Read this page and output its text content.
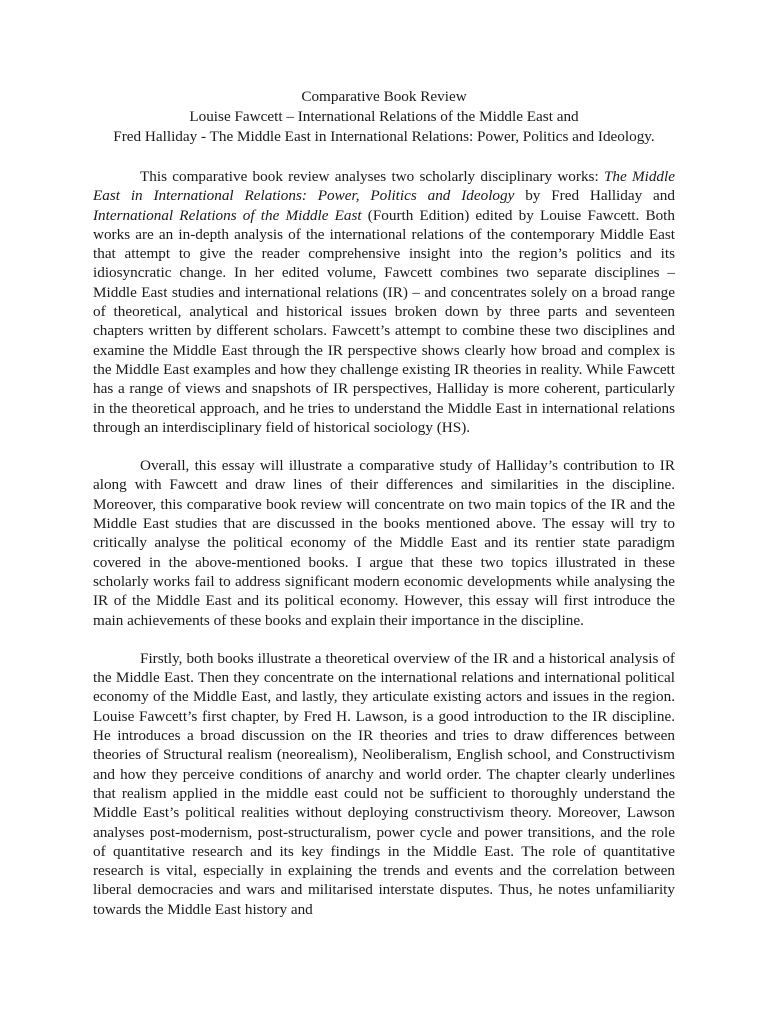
Comparative Book Review
Louise Fawcett – International Relations of the Middle East and
Fred Halliday - The Middle East in International Relations: Power, Politics and Ideology.

This comparative book review analyses two scholarly disciplinary works: The Middle East in International Relations: Power, Politics and Ideology by Fred Halliday and International Relations of the Middle East (Fourth Edition) edited by Louise Fawcett. Both works are an in-depth analysis of the international relations of the contemporary Middle East that attempt to give the reader comprehensive insight into the region’s politics and its idiosyncratic change. In her edited volume, Fawcett combines two separate disciplines – Middle East studies and international relations (IR) – and concentrates solely on a broad range of theoretical, analytical and historical issues broken down by three parts and seventeen chapters written by different scholars. Fawcett’s attempt to combine these two disciplines and examine the Middle East through the IR perspective shows clearly how broad and complex is the Middle East examples and how they challenge existing IR theories in reality. While Fawcett has a range of views and snapshots of IR perspectives, Halliday is more coherent, particularly in the theoretical approach, and he tries to understand the Middle East in international relations through an interdisciplinary field of historical sociology (HS).

Overall, this essay will illustrate a comparative study of Halliday’s contribution to IR along with Fawcett and draw lines of their differences and similarities in the discipline. Moreover, this comparative book review will concentrate on two main topics of the IR and the Middle East studies that are discussed in the books mentioned above. The essay will try to critically analyse the political economy of the Middle East and its rentier state paradigm covered in the above-mentioned books. I argue that these two topics illustrated in these scholarly works fail to address significant modern economic developments while analysing the IR of the Middle East and its political economy. However, this essay will first introduce the main achievements of these books and explain their importance in the discipline.

Firstly, both books illustrate a theoretical overview of the IR and a historical analysis of the Middle East. Then they concentrate on the international relations and international political economy of the Middle East, and lastly, they articulate existing actors and issues in the region. Louise Fawcett’s first chapter, by Fred H. Lawson, is a good introduction to the IR discipline. He introduces a broad discussion on the IR theories and tries to draw differences between theories of Structural realism (neorealism), Neoliberalism, English school, and Constructivism and how they perceive conditions of anarchy and world order. The chapter clearly underlines that realism applied in the middle east could not be sufficient to thoroughly understand the Middle East’s political realities without deploying constructivism theory. Moreover, Lawson analyses post-modernism, post-structuralism, power cycle and power transitions, and the role of quantitative research and its key findings in the Middle East. The role of quantitative research is vital, especially in explaining the trends and events and the correlation between liberal democracies and wars and militarised interstate disputes. Thus, he notes unfamiliarity towards the Middle East history and
